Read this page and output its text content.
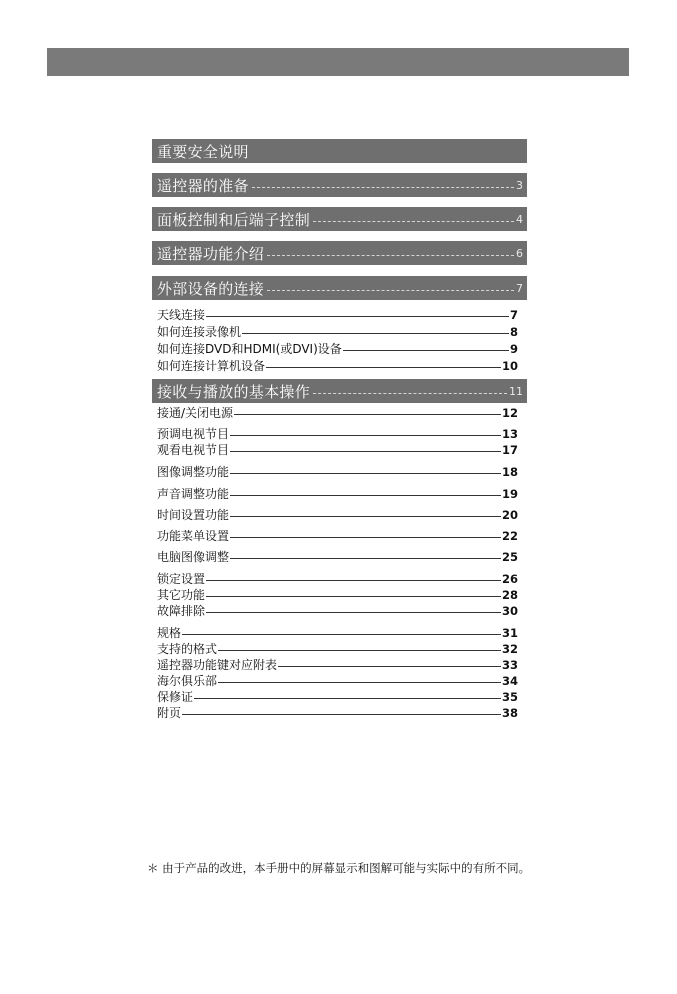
重要安全说明
遥控器的准备	3
面板控制和后端子控制	4
遥控器功能介绍	6
外部设备的连接	7
接收与播放的基本操作	11
天线连接	7
如何连接录像机	8
如何连接DVD和HDMI(或DVI)设备	9
如何连接计算机设备	10
接通/关闭电源	12
预调电视节目	13
观看电视节目	17
图像调整功能	18
声音调整功能	19
时间设置功能	20
功能菜单设置	22
电脑图像调整	25
锁定设置	26
其它功能	28
故障排除	30
规格	31
支持的格式	32
遥控器功能键对应附表	33
海尔俱乐部	34
保修证	35
附页	38
＊ 由于产品的改进，本手册中的屏幕显示和图解可能与实际中的有所不同。
